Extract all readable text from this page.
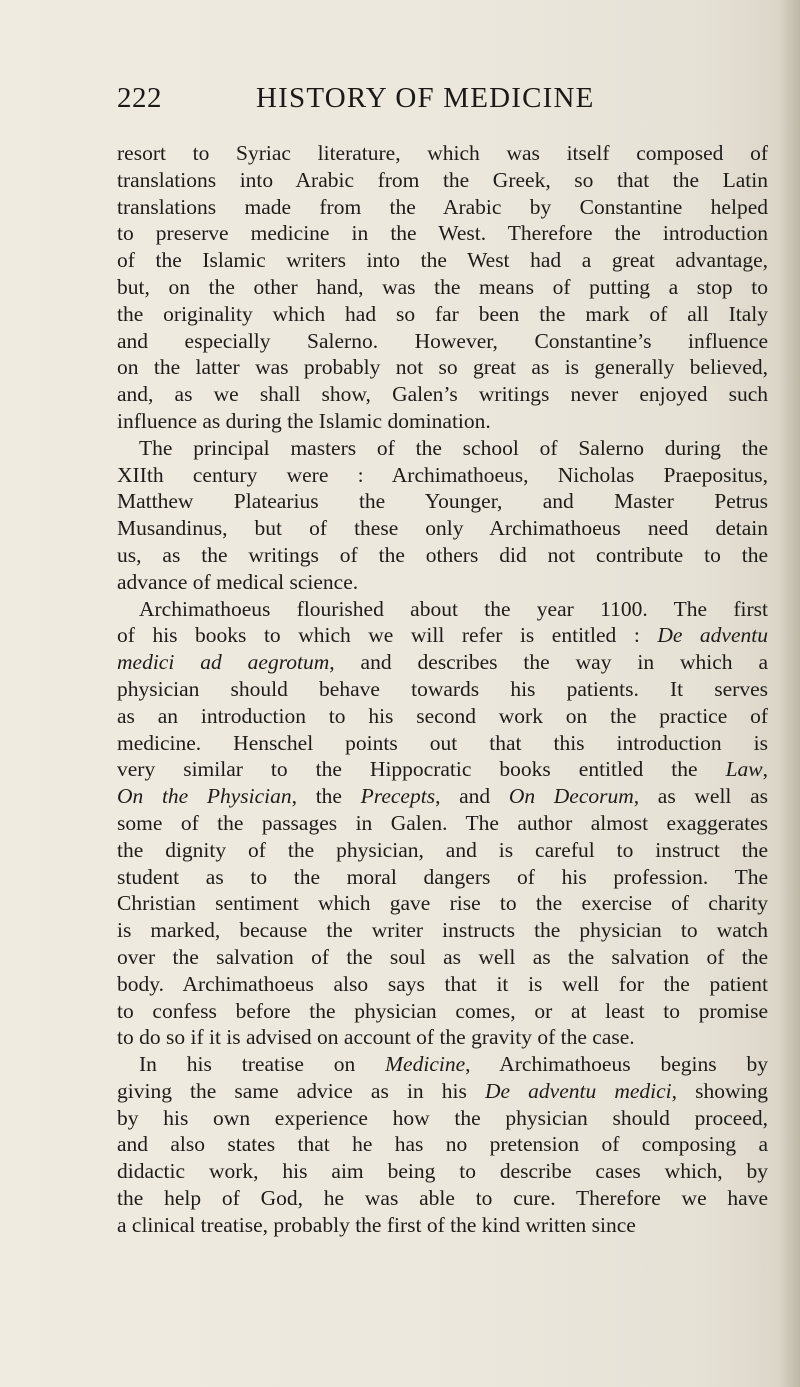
222	HISTORY OF MEDICINE
resort to Syriac literature, which was itself composed of
translations into Arabic from the Greek, so that the Latin
translations made from the Arabic by Constantine helped
to preserve medicine in the West. Therefore the introduction
of the Islamic writers into the West had a great advantage,
but, on the other hand, was the means of putting a stop to
the originality which had so far been the mark of all Italy
and especially Salerno. However, Constantine’s influence
on the latter was probably not so great as is generally believed,
and, as we shall show, Galen’s writings never enjoyed such
influence as during the Islamic domination.
The principal masters of the school of Salerno during the
XIIth century were : Archimathoeus, Nicholas Praepositus,
Matthew Platearius the Younger, and Master Petrus
Musandinus, but of these only Archimathoeus need detain
us, as the writings of the others did not contribute to the
advance of medical science.
Archimathoeus flourished about the year 1100. The first
of his books to which we will refer is entitled : De adventu
medici ad aegrotum, and describes the way in which a
physician should behave towards his patients. It serves
as an introduction to his second work on the practice of
medicine. Henschel points out that this introduction is
very similar to the Hippocratic books entitled the Law,
On the Physician, the Precepts, and On Decorum, as well as
some of the passages in Galen. The author almost exaggerates
the dignity of the physician, and is careful to instruct the
student as to the moral dangers of his profession. The
Christian sentiment which gave rise to the exercise of charity
is marked, because the writer instructs the physician to watch
over the salvation of the soul as well as the salvation of the
body. Archimathoeus also says that it is well for the patient
to confess before the physician comes, or at least to promise
to do so if it is advised on account of the gravity of the case.
In his treatise on Medicine, Archimathoeus begins by
giving the same advice as in his De adventu medici, showing
by his own experience how the physician should proceed,
and also states that he has no pretension of composing a
didactic work, his aim being to describe cases which, by
the help of God, he was able to cure. Therefore we have
a clinical treatise, probably the first of the kind written since
